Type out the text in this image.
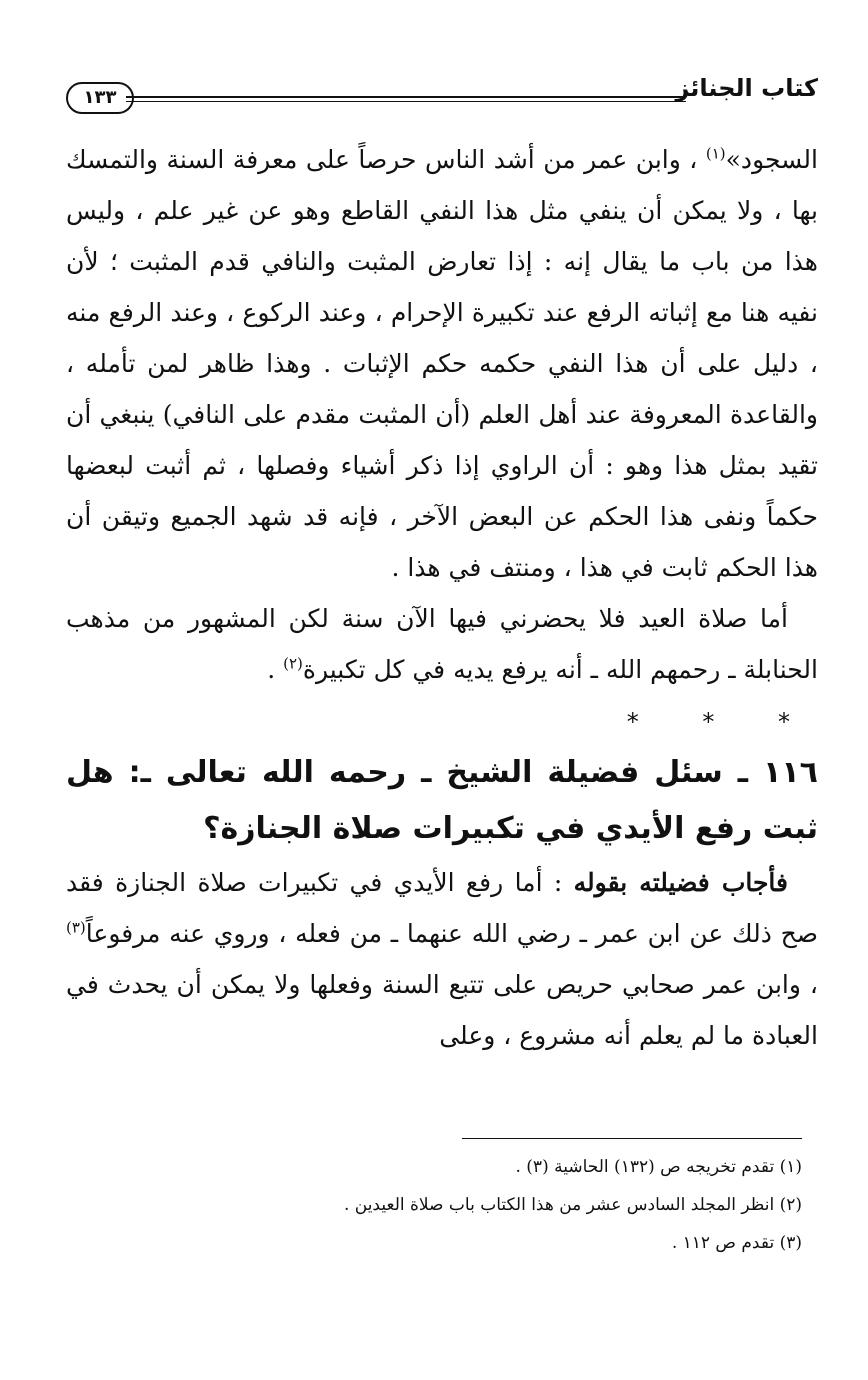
كتاب الجنائز
١٣٣

السجود»$^{(١)}$ ، وابن عمر من أشد الناس حرصاً على معرفة السنة والتمسك بها ، ولا يمكن أن ينفي مثل هذا النفي القاطع وهو عن غير علم ، وليس هذا من باب ما يقال إنه : إذا تعارض المثبت والنافي قدم المثبت ؛ لأن نفيه هنا مع إثباته الرفع عند تكبيرة الإحرام ، وعند الركوع ، وعند الرفع منه ، دليل على أن هذا النفي حكمه حكم الإثبات . وهذا ظاهر لمن تأمله ، والقاعدة المعروفة عند أهل العلم (أن المثبت مقدم على النافي) ينبغي أن تقيد بمثل هذا وهو : أن الراوي إذا ذكر أشياء وفصلها ، ثم أثبت لبعضها حكماً ونفى هذا الحكم عن البعض الآخر ، فإنه قد شهد الجميع وتيقن أن هذا الحكم ثابت في هذا ، ومنتف في هذا .

أما صلاة العيد فلا يحضرني فيها الآن سنة لكن المشهور من مذهب الحنابلة ـ رحمهم الله ـ أنه يرفع يديه في كل تكبيرة$^{(٢)}$ .

* * *

١١٦ ـ سئل فضيلة الشيخ ـ رحمه الله تعالى ـ: هل ثبت رفع الأيدي في تكبيرات صلاة الجنازة؟

فأجاب فضيلته بقوله : أما رفع الأيدي في تكبيرات صلاة الجنازة فقد صح ذلك عن ابن عمر ـ رضي الله عنهما ـ من فعله ، وروي عنه مرفوعاً$^{(٣)}$ ، وابن عمر صحابي حريص على تتبع السنة وفعلها ولا يمكن أن يحدث في العبادة ما لم يعلم أنه مشروع ، وعلى

(١) تقدم تخريجه ص (١٣٢) الحاشية (٣) .

(٢) انظر المجلد السادس عشر من هذا الكتاب باب صلاة العيدين .

(٣) تقدم ص ١١٢ .
